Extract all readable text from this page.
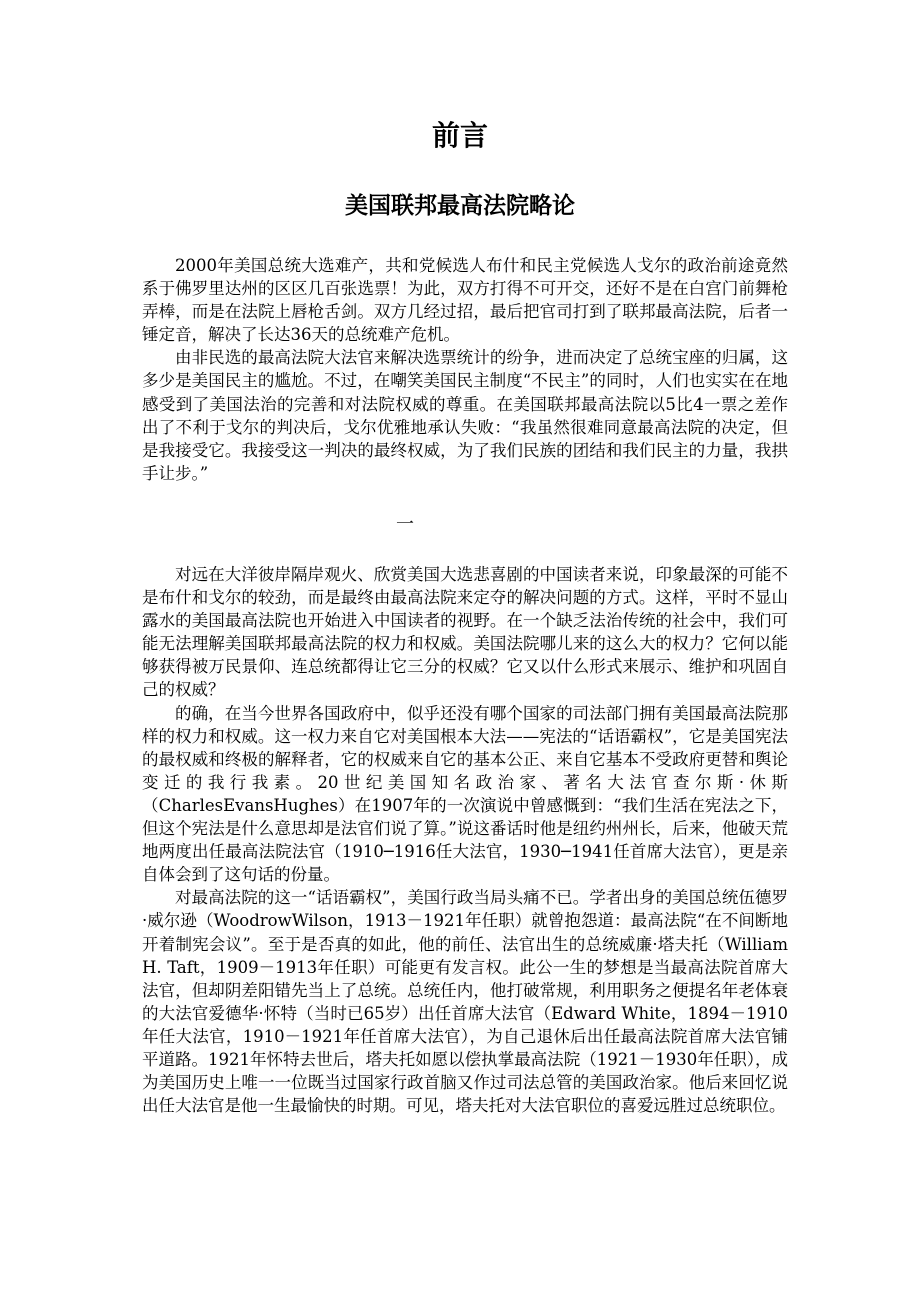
前言
美国联邦最高法院略论

2000年美国总统大选难产，共和党候选人布什和民主党候选人戈尔的政治前途竟然系于佛罗里达州的区区几百张选票！为此，双方打得不可开交，还好不是在白宫门前舞枪弄棒，而是在法院上唇枪舌剑。双方几经过招，最后把官司打到了联邦最高法院，后者一锤定音，解决了长达36天的总统难产危机。

由非民选的最高法院大法官来解决选票统计的纷争，进而决定了总统宝座的归属，这多少是美国民主的尴尬。不过，在嘲笑美国民主制度“不民主”的同时，人们也实实在在地感受到了美国法治的完善和对法院权威的尊重。在美国联邦最高法院以5比4一票之差作出了不利于戈尔的判决后，戈尔优雅地承认失败：“我虽然很难同意最高法院的决定，但是我接受它。我接受这一判决的最终权威，为了我们民族的团结和我们民主的力量，我拱手让步。”

一

对远在大洋彼岸隔岸观火、欣赏美国大选悲喜剧的中国读者来说，印象最深的可能不是布什和戈尔的较劲，而是最终由最高法院来定夺的解决问题的方式。这样，平时不显山露水的美国最高法院也开始进入中国读者的视野。在一个缺乏法治传统的社会中，我们可能无法理解美国联邦最高法院的权力和权威。美国法院哪儿来的这么大的权力？它何以能够获得被万民景仰、连总统都得让它三分的权威？它又以什么形式来展示、维护和巩固自己的权威？

的确，在当今世界各国政府中，似乎还没有哪个国家的司法部门拥有美国最高法院那样的权力和权威。这一权力来自它对美国根本大法——宪法的“话语霸权”，它是美国宪法的最权威和终极的解释者，它的权威来自它的基本公正、来自它基本不受政府更替和舆论变迁的我行我素。20世纪美国知名政治家、著名大法官查尔斯·休斯（CharlesEvansHughes）在1907年的一次演说中曾感慨到：“我们生活在宪法之下，但这个宪法是什么意思却是法官们说了算。”说这番话时他是纽约州州长，后来，他破天荒地两度出任最高法院法官（1910─1916任大法官，1930─1941任首席大法官），更是亲自体会到了这句话的份量。

对最高法院的这一“话语霸权”，美国行政当局头痛不已。学者出身的美国总统伍德罗·威尔逊（WoodrowWilson，1913－1921年任职）就曾抱怨道：最高法院“在不间断地开着制宪会议”。至于是否真的如此，他的前任、法官出生的总统威廉·塔夫托（William H. Taft，1909－1913年任职）可能更有发言权。此公一生的梦想是当最高法院首席大法官，但却阴差阳错先当上了总统。总统任内，他打破常规，利用职务之便提名年老体衰的大法官爱德华·怀特（当时已65岁）出任首席大法官（Edward White，1894－1910年任大法官，1910－1921年任首席大法官），为自己退休后出任最高法院首席大法官铺平道路。1921年怀特去世后，塔夫托如愿以偿执掌最高法院（1921－1930年任职），成为美国历史上唯一一位既当过国家行政首脑又作过司法总管的美国政治家。他后来回忆说出任大法官是他一生最愉快的时期。可见，塔夫托对大法官职位的喜爱远胜过总统职位。
